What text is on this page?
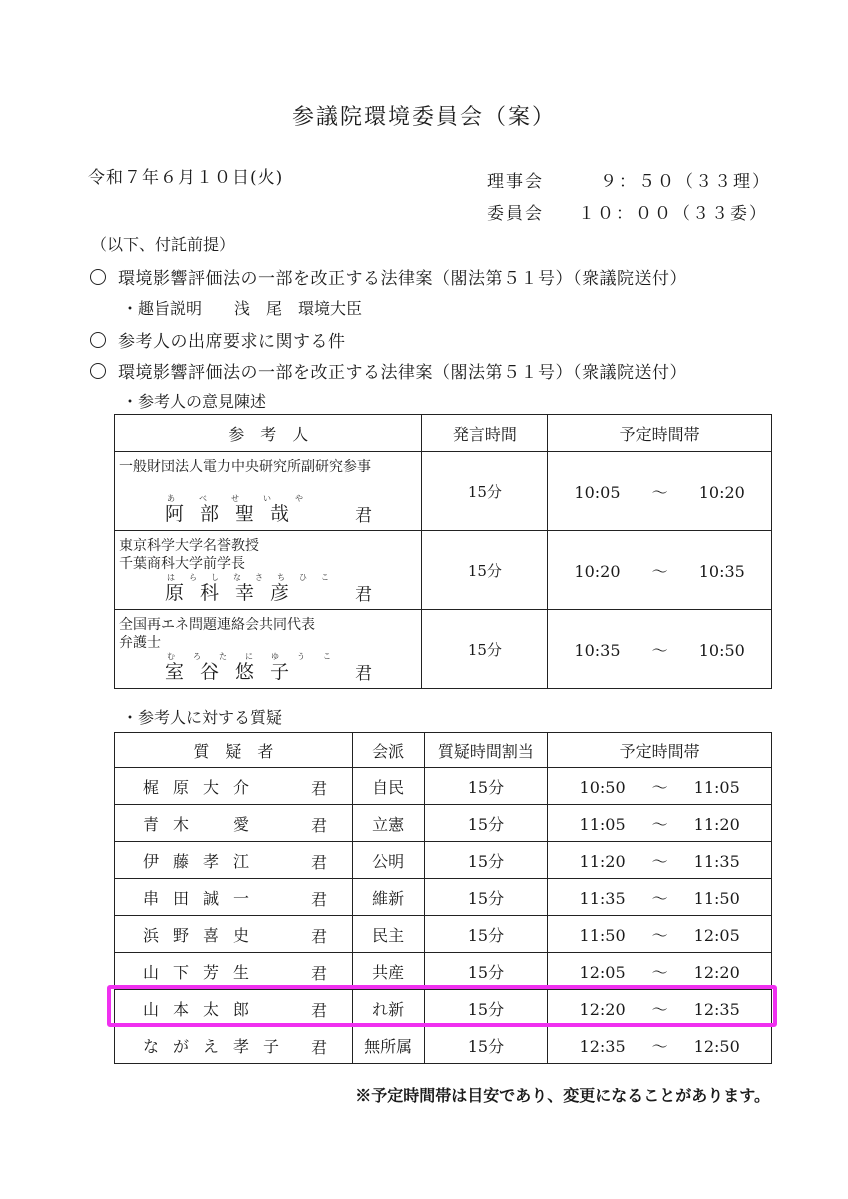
参議院環境委員会（案）
令和７年６月１０日(火)	理事会	９：５０（３３理）
委員会 １０：００（３３委）
（以下、付託前提）
環境影響評価法の一部を改正する法律案（閣法第５１号）（衆議院送付）
・趣旨説明　　浅　尾　環境大臣
参考人の出席要求に関する件
環境影響評価法の一部を改正する法律案（閣法第５１号）（衆議院送付）
・参考人の意見陳述
参　考　人	発言時間	予定時間帯

一般財団法人電力中央研究所副研究参事
あべせいや
阿部聖哉 君	15分	10:05 ～ 10:20

東京科学大学名誉教授
千葉商科大学前学長
はらしなさちひこ
原科幸彦 君	15分	10:20 ～ 10:35

全国再エネ問題連絡会共同代表
弁護士
むろたにゆうこ
室谷悠子 君	15分	10:35 ～ 10:50
・参考人に対する質疑
質　疑　者	会派	質疑時間割当	予定時間帯
梶原大介 君	自民	15分	10:50 ～ 11:05
青木　愛 君	立憲	15分	11:05 ～ 11:20
伊藤孝江 君	公明	15分	11:20 ～ 11:35
串田誠一 君	維新	15分	11:35 ～ 11:50
浜野喜史 君	民主	15分	11:50 ～ 12:05
山下芳生 君	共産	15分	12:05 ～ 12:20
山本太郎 君	れ新	15分	12:20 ～ 12:35
ながえ孝子 君	無所属	15分	12:35 ～ 12:50
※予定時間帯は目安であり、変更になることがあります。
